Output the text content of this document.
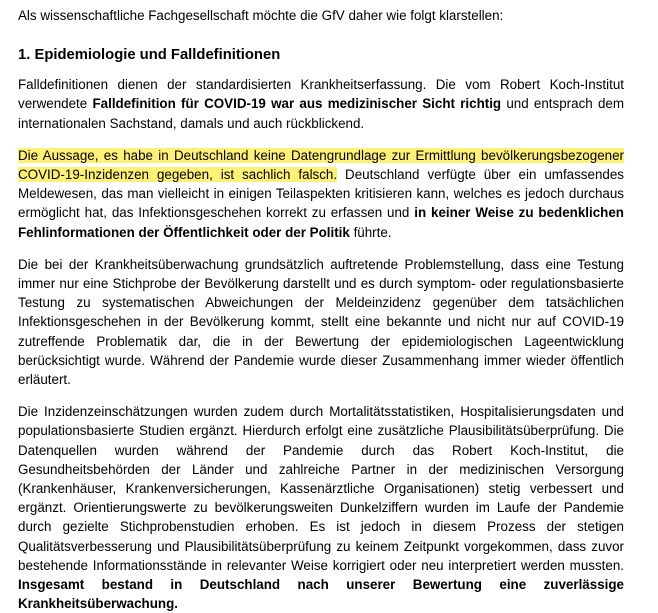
Als wissenschaftliche Fachgesellschaft möchte die GfV daher wie folgt klarstellen:

1. Epidemiologie und Falldefinitionen

Falldefinitionen dienen der standardisierten Krankheitserfassung. Die vom Robert Koch-Institut verwendete Falldefinition für COVID-19 war aus medizinischer Sicht richtig und entsprach dem internationalen Sachstand, damals und auch rückblickend.

Die Aussage, es habe in Deutschland keine Datengrundlage zur Ermittlung bevölkerungsbezogener COVID-19-Inzidenzen gegeben, ist sachlich falsch. Deutschland verfügte über ein umfassendes Meldewesen, das man vielleicht in einigen Teilaspekten kritisieren kann, welches es jedoch durchaus ermöglicht hat, das Infektionsgeschehen korrekt zu erfassen und in keiner Weise zu bedenklichen Fehlinformationen der Öffentlichkeit oder der Politik führte.

Die bei der Krankheitsüberwachung grundsätzlich auftretende Problemstellung, dass eine Testung immer nur eine Stichprobe der Bevölkerung darstellt und es durch symptom- oder regulationsbasierte Testung zu systematischen Abweichungen der Meldeinzidenz gegenüber dem tatsächlichen Infektionsgeschehen in der Bevölkerung kommt, stellt eine bekannte und nicht nur auf COVID-19 zutreffende Problematik dar, die in der Bewertung der epidemiologischen Lageentwicklung berücksichtigt wurde. Während der Pandemie wurde dieser Zusammenhang immer wieder öffentlich erläutert.

Die Inzidenzeinschätzungen wurden zudem durch Mortalitätsstatistiken, Hospitalisierungsdaten und populationsbasierte Studien ergänzt. Hierdurch erfolgt eine zusätzliche Plausibilitätsüberprüfung. Die Datenquellen wurden während der Pandemie durch das Robert Koch-Institut, die Gesundheitsbehörden der Länder und zahlreiche Partner in der medizinischen Versorgung (Krankenhäuser, Krankenversicherungen, Kassenärztliche Organisationen) stetig verbessert und ergänzt. Orientierungswerte zu bevölkerungsweiten Dunkelziffern wurden im Laufe der Pandemie durch gezielte Stichprobenstudien erhoben. Es ist jedoch in diesem Prozess der stetigen Qualitätsverbesserung und Plausibilitätsüberprüfung zu keinem Zeitpunkt vorgekommen, dass zuvor bestehende Informationsstände in relevanter Weise korrigiert oder neu interpretiert werden mussten. Insgesamt bestand in Deutschland nach unserer Bewertung eine zuverlässige Krankheitsüberwachung.
